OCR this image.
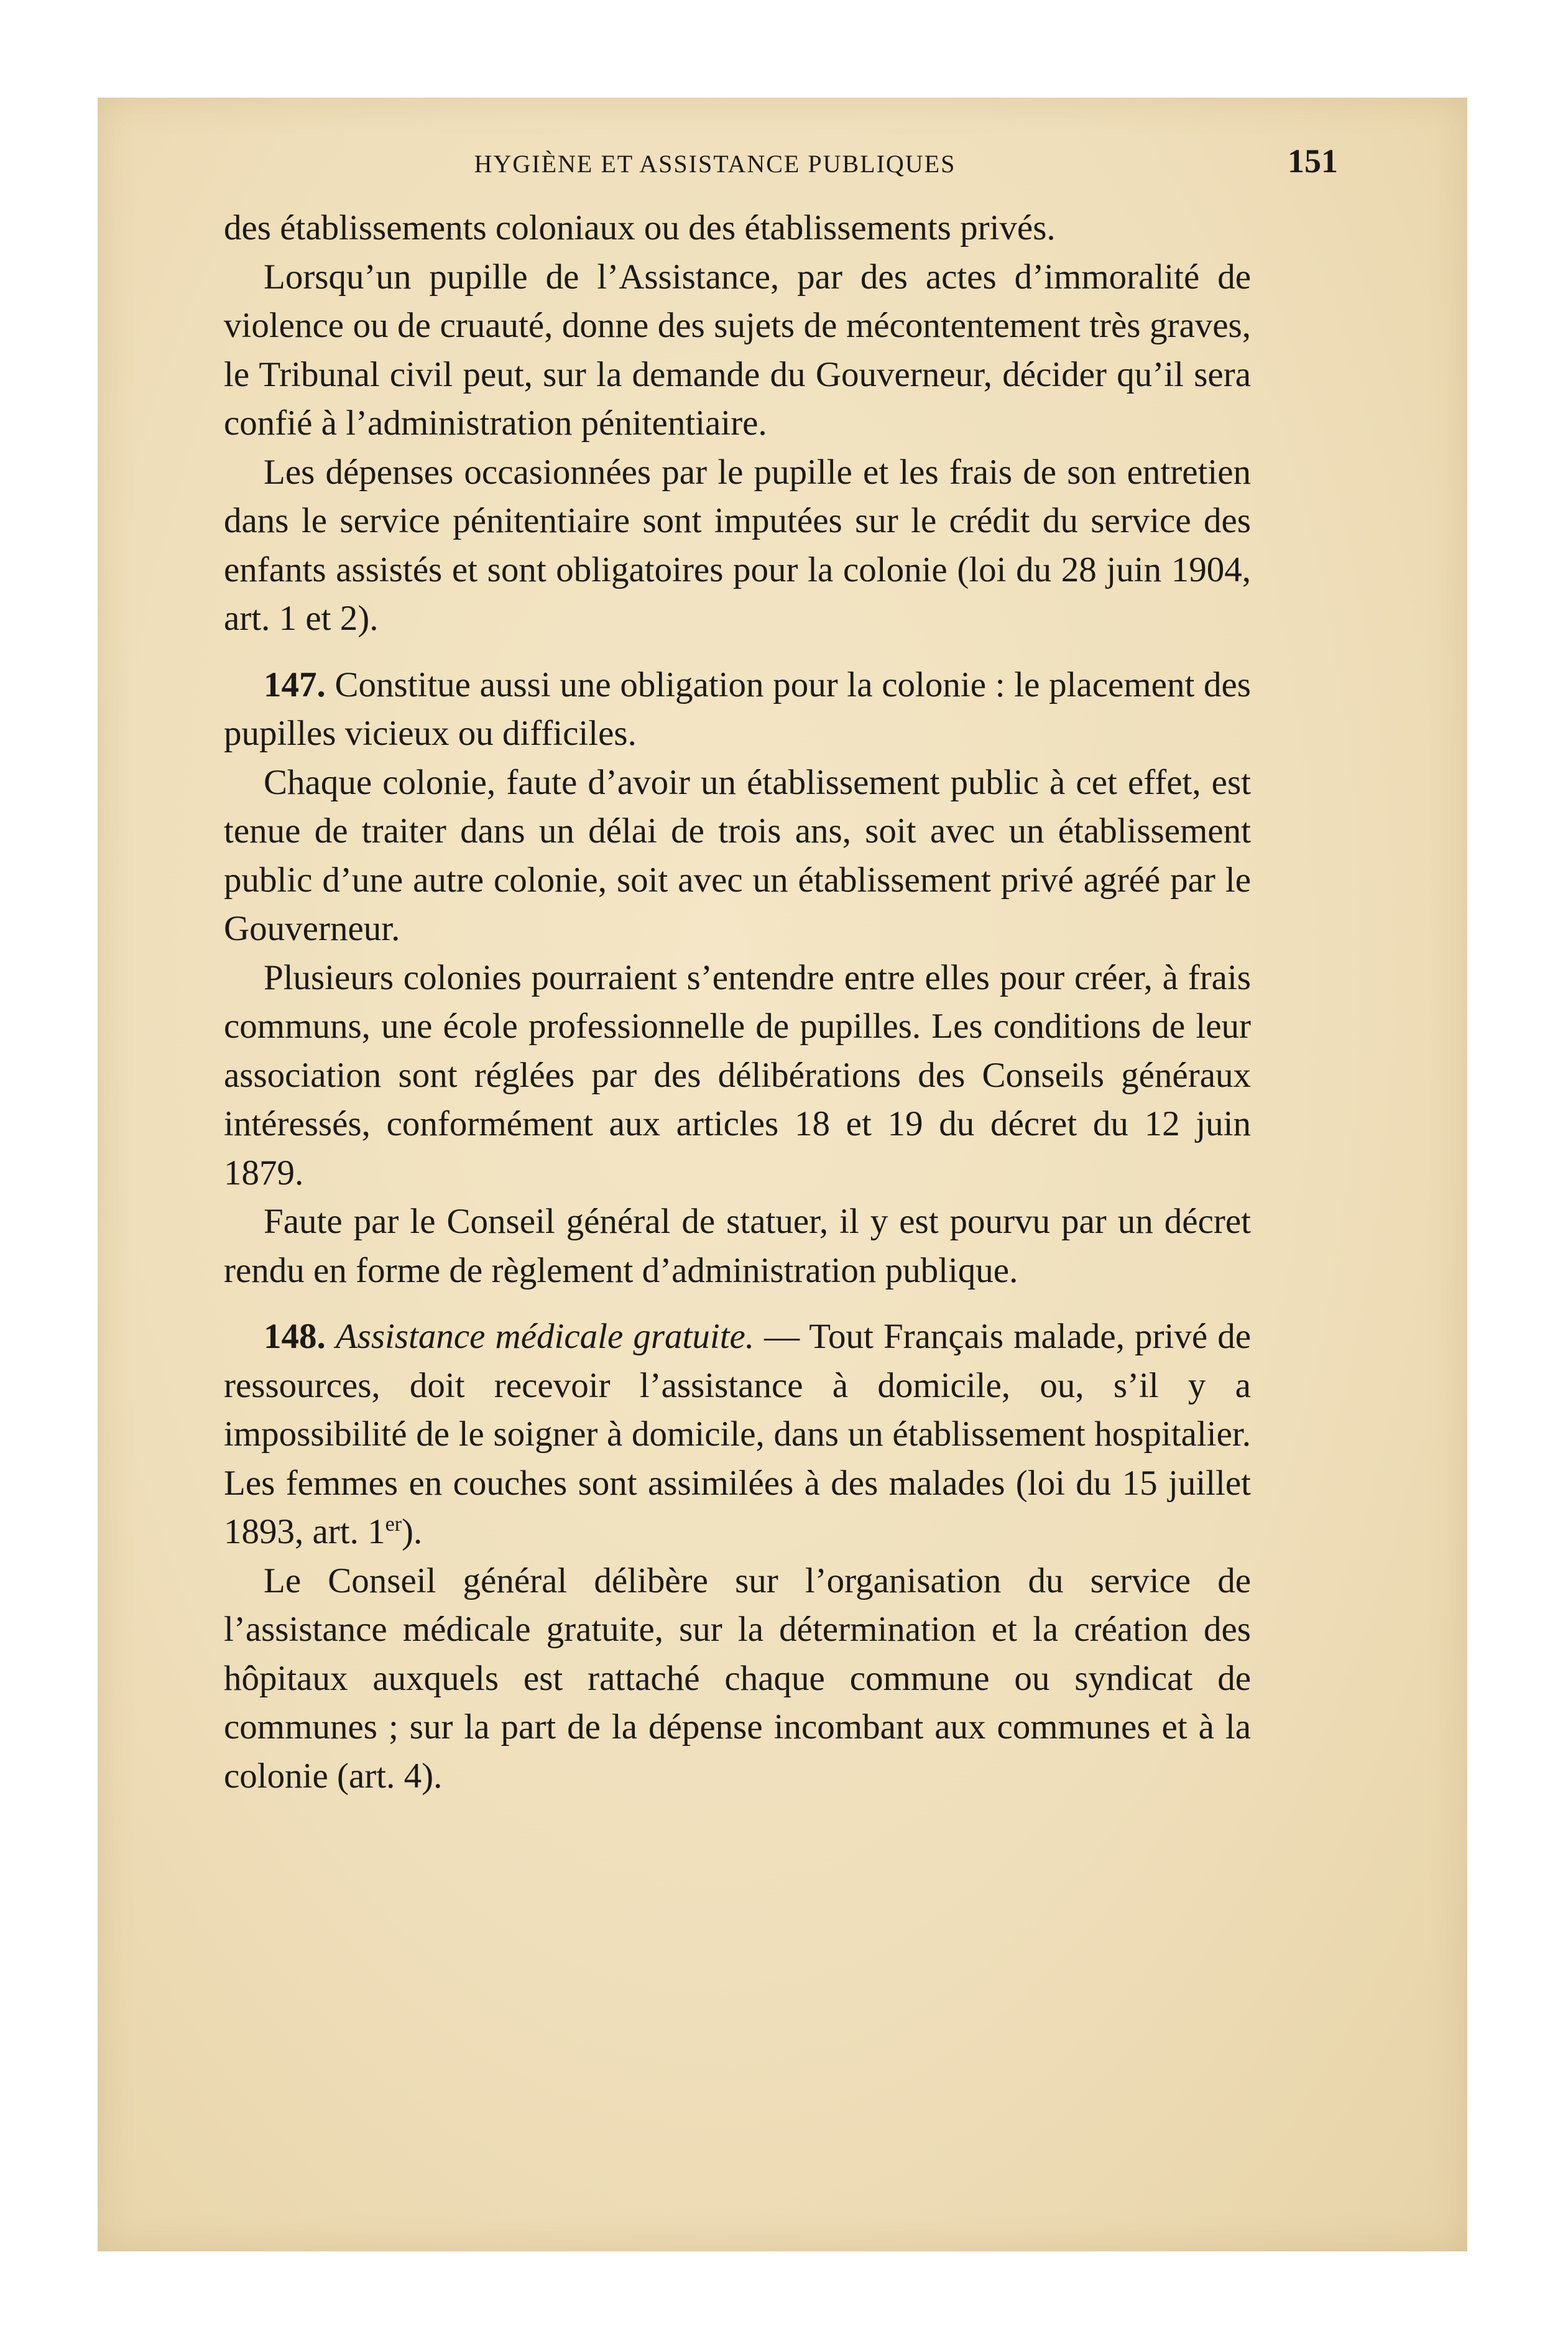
HYGIÈNE ET ASSISTANCE PUBLIQUES	151

des établissements coloniaux ou des établissements privés.

Lorsqu’un pupille de l’Assistance, par des actes d’immoralité de violence ou de cruauté, donne des sujets de mécontentement très graves, le Tribunal civil peut, sur la demande du Gouverneur, décider qu’il sera confié à l’administration pénitentiaire.

Les dépenses occasionnées par le pupille et les frais de son entretien dans le service pénitentiaire sont imputées sur le crédit du service des enfants assistés et sont obligatoires pour la colonie (loi du 28 juin 1904, art. 1 et 2).

147. Constitue aussi une obligation pour la colonie : le placement des pupilles vicieux ou difficiles.

Chaque colonie, faute d’avoir un établissement public à cet effet, est tenue de traiter dans un délai de trois ans, soit avec un établissement public d’une autre colonie, soit avec un établissement privé agréé par le Gouverneur.

Plusieurs colonies pourraient s’entendre entre elles pour créer, à frais communs, une école professionnelle de pupilles. Les conditions de leur association sont réglées par des délibérations des Conseils généraux intéressés, conformément aux articles 18 et 19 du décret du 12 juin 1879.

Faute par le Conseil général de statuer, il y est pourvu par un décret rendu en forme de règlement d’administration publique.

148. Assistance médicale gratuite. — Tout Français malade, privé de ressources, doit recevoir l’assistance à domicile, ou, s’il y a impossibilité de le soigner à domicile, dans un établissement hospitalier. Les femmes en couches sont assimilées à des malades (loi du 15 juillet 1893, art. 1er).

Le Conseil général délibère sur l’organisation du service de l’assistance médicale gratuite, sur la détermination et la création des hôpitaux auxquels est rattaché chaque commune ou syndicat de communes ; sur la part de la dépense incombant aux communes et à la colonie (art. 4).
